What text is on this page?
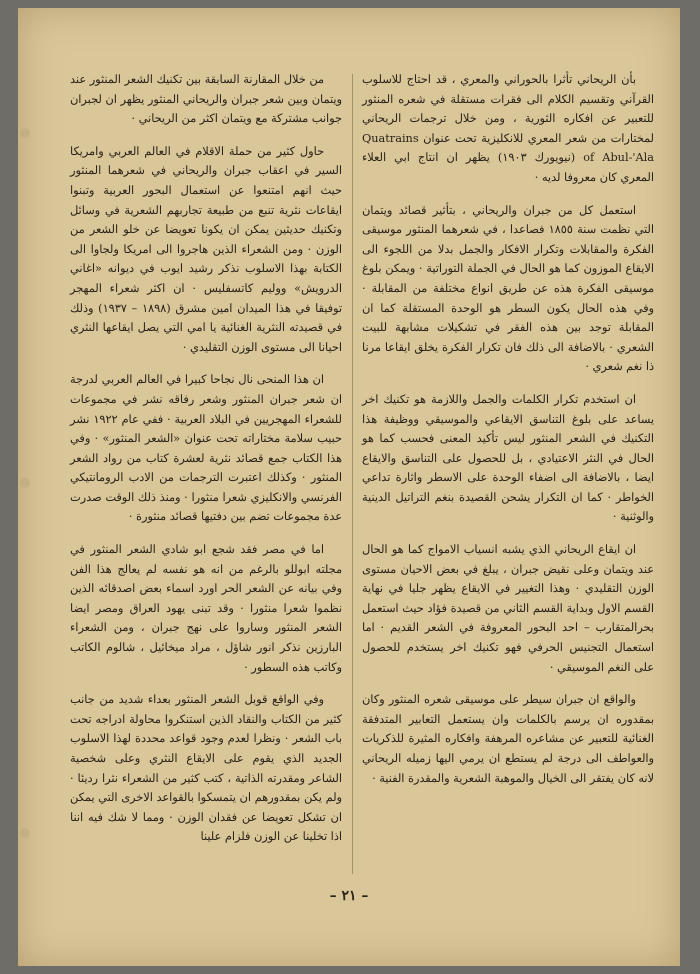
بأن الريحاني تأثرا بالحوراني والمعري ، قد احتاج للاسلوب القرآني وتقسيم الكلام الى فقرات مستقلة في شعره المنثور للتعبير عن افكاره الثورية ، ومن خلال ترجمات الريحاني لمختارات من شعر المعري للانكليزية تحت عنوان Quatrains of Abul-'Ala (نيويورك ١٩٠٣) يظهر ان انتاج ابي العلاء المعري كان معروفا لديه ·

استعمل كل من جبران والريحاني ، بتأثير قصائد ويتمان التي نظمت سنة ١٨٥٥ فصاعدا ، في شعرهما المنثور موسيقى الفكرة والمقابلات وتكرار الافكار والجمل بدلا من اللجوء الى الايقاع الموزون كما هو الحال في الجملة التوراتية · ويمكن بلوغ موسيقى الفكرة هذه عن طريق انواع مختلفة من المقابلة · وفي هذه الحال يكون السطر هو الوحدة المستقلة كما ان المقابلة توجد بين هذه الفقر في تشكيلات مشابهة للبيت الشعري · بالاضافة الى ذلك فان تكرار الفكرة يخلق ايقاعا مرنا ذا نغم شعري ·

ان استخدم تكرار الكلمات والجمل واللازمة هو تكنيك اخر يساعد على بلوغ التناسق الايقاعي والموسيقي ووظيفة هذا التكنيك في الشعر المنثور ليس تأكيد المعنى فحسب كما هو الحال في النثر الاعتيادي ، بل للحصول على التناسق والايقاع ايضا ، بالاضافة الى اضفاء الوحدة على الاسطر واثارة تداعي الخواطر · كما ان التكرار يشحن القصيدة بنغم التراتيل الدينية والوثنية ·

ان ايقاع الريحاني الذي يشبه انسياب الامواج كما هو الحال عند ويتمان وعلى نقيض جبران ، يبلغ في بعض الاحيان مستوى الوزن التقليدي · وهذا التغيير في الايقاع يظهر جليا في نهاية القسم الاول وبداية القسم الثاني من قصيدة فؤاد حيث استعمل بحرالمتقارب – احد البحور المعروفة في الشعر القديم · اما استعمال التجنيس الحرفي فهو تكنيك اخر يستخدم للحصول على النغم الموسيقي ·

والواقع ان جبران سيطر على موسيقى شعره المنثور وكان بمقدوره ان يرسم بالكلمات وان يستعمل التعابير المتدفقة الغنائية للتعبير عن مشاعره المرهفة وافكاره المثيرة للذكريات والعواطف الى درجة لم يستطع ان يرمي اليها زميله الريحاني لانه كان يفتقر الى الخيال والموهبة الشعرية والمقدرة الفنية ·

من خلال المقارنة السابقة بين تكنيك الشعر المنثور عند ويتمان وبين شعر جبران والريحاني المنثور يظهر ان لجبران جوانب مشتركة مع ويتمان اكثر من الريحاني ·

حاول كثير من حملة الاقلام في العالم العربي وامريكا السير في اعقاب جبران والريحاني في شعرهما المنثور حيث انهم امتنعوا عن استعمال البحور العربية وتبنوا ايقاعات نثرية تنبع من طبيعة تجاربهم الشعرية في وسائل وتكنيك حديثين يمكن ان يكونا تعويضا عن خلو الشعر من الوزن · ومن الشعراء الذين هاجروا الى امريكا ولجاوا الى الكتابة بهذا الاسلوب نذكر رشيد ايوب في ديوانه «اغاني الدرويش» ووليم كاتسفليس · ان اكثر شعراء المهجر توفيقا في هذا الميدان امين مشرق (١٨٩٨ – ١٩٣٧) وذلك في قصيدته النثرية الغنائية يا امي التي يصل ايقاعها النثري احيانا الى مستوى الوزن التقليدي ·

ان هذا المنحى نال نجاحا كبيرا في العالم العربي لدرجة ان شعر جبران المنثور وشعر رفاقه نشر في مجموعات للشعراء المهجريين في البلاد العربية · ففي عام ١٩٢٢ نشر حبيب سلامة مختاراته تحت عنوان «الشعر المنثور» · وفي هذا الكتاب جمع قصائد نثرية لعشرة كتاب من رواد الشعر المنثور · وكذلك اعتبرت الترجمات من الادب الرومانتيكي الفرنسي والانكليزي شعرا منثورا · ومنذ ذلك الوقت صدرت عدة مجموعات تضم بين دفتيها قصائد منثورة ·

اما في مصر فقد شجع ابو شادي الشعر المنثور في مجلته ابوللو بالرغم من انه هو نفسه لم يعالج هذا الفن وفي بيانه عن الشعر الحر اورد اسماء بعض اصدقائه الذين نظموا شعرا منثورا · وقد تبنى يهود العراق ومصر ايضا الشعر المنثور وساروا على نهج جبران ، ومن الشعراء البارزين نذكر انور شاؤل ، مراد ميخائيل ، شالوم الكاتب وكاتب هذه السطور ·

وفي الواقع قوبل الشعر المنثور بعداء شديد من جانب كثير من الكتاب والنقاد الذين استنكروا محاولة ادراجه تحت باب الشعر · ونظرا لعدم وجود قواعد محددة لهذا الاسلوب الجديد الذي يقوم على الايقاع النثري وعلى شخصية الشاعر ومقدرته الذاتية ، كتب كثير من الشعراء نثرا رديئا · ولم يكن بمقدورهم ان يتمسكوا بالقواعد الاخرى التي يمكن ان تشكل تعويضا عن فقدان الوزن · ومما لا شك فيه اننا اذا تخلينا عن الوزن فلزام علينا

– ٢١ –
